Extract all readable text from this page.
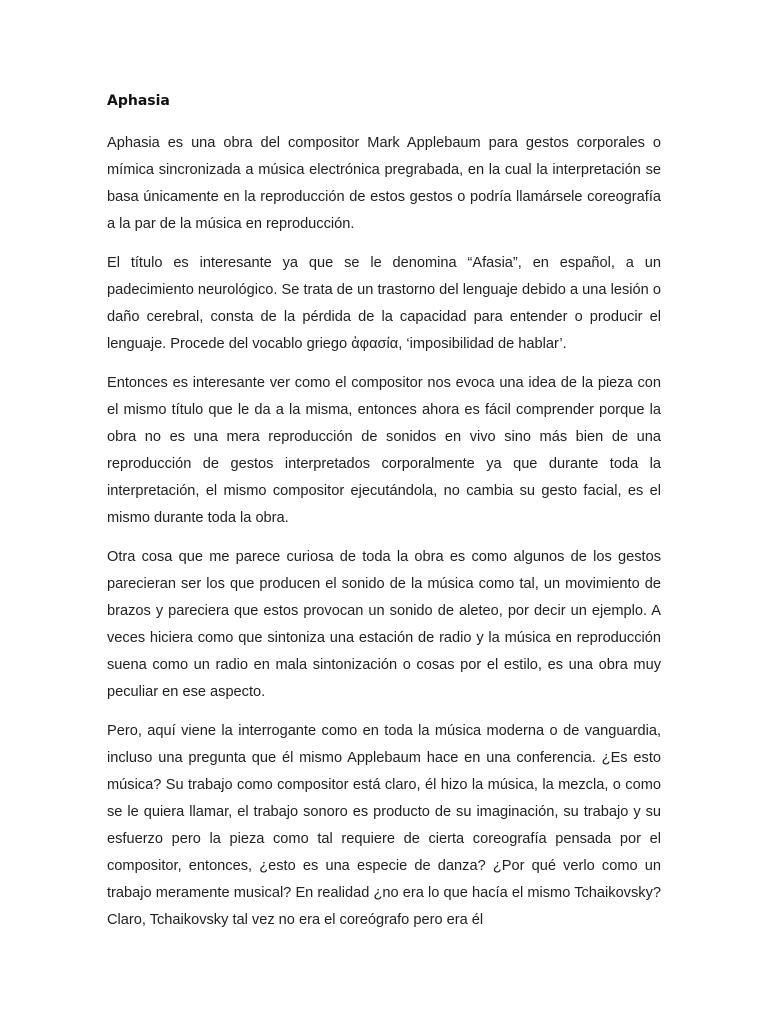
Aphasia

Aphasia es una obra del compositor Mark Applebaum para gestos corporales o mímica sincronizada a música electrónica pregrabada, en la cual la interpretación se basa únicamente en la reproducción de estos gestos o podría llamársele coreografía a la par de la música en reproducción.

El título es interesante ya que se le denomina “Afasia”, en español, a un padecimiento neurológico. Se trata de un trastorno del lenguaje debido a una lesión o daño cerebral, consta de la pérdida de la capacidad para entender o producir el lenguaje. Procede del vocablo griego ἀφασία, ‘imposibilidad de hablar’.

Entonces es interesante ver como el compositor nos evoca una idea de la pieza con el mismo título que le da a la misma, entonces ahora es fácil comprender porque la obra no es una mera reproducción de sonidos en vivo sino más bien de una reproducción de gestos interpretados corporalmente ya que durante toda la interpretación, el mismo compositor ejecutándola, no cambia su gesto facial, es el mismo durante toda la obra.

Otra cosa que me parece curiosa de toda la obra es como algunos de los gestos parecieran ser los que producen el sonido de la música como tal, un movimiento de brazos y pareciera que estos provocan un sonido de aleteo, por decir un ejemplo. A veces hiciera como que sintoniza una estación de radio y la música en reproducción suena como un radio en mala sintonización o cosas por el estilo, es una obra muy peculiar en ese aspecto.

Pero, aquí viene la interrogante como en toda la música moderna o de vanguardia, incluso una pregunta que él mismo Applebaum hace en una conferencia. ¿Es esto música? Su trabajo como compositor está claro, él hizo la música, la mezcla, o como se le quiera llamar, el trabajo sonoro es producto de su imaginación, su trabajo y su esfuerzo pero la pieza como tal requiere de cierta coreografía pensada por el compositor, entonces, ¿esto es una especie de danza? ¿Por qué verlo como un trabajo meramente musical? En realidad ¿no era lo que hacía el mismo Tchaikovsky? Claro, Tchaikovsky tal vez no era el coreógrafo pero era él
